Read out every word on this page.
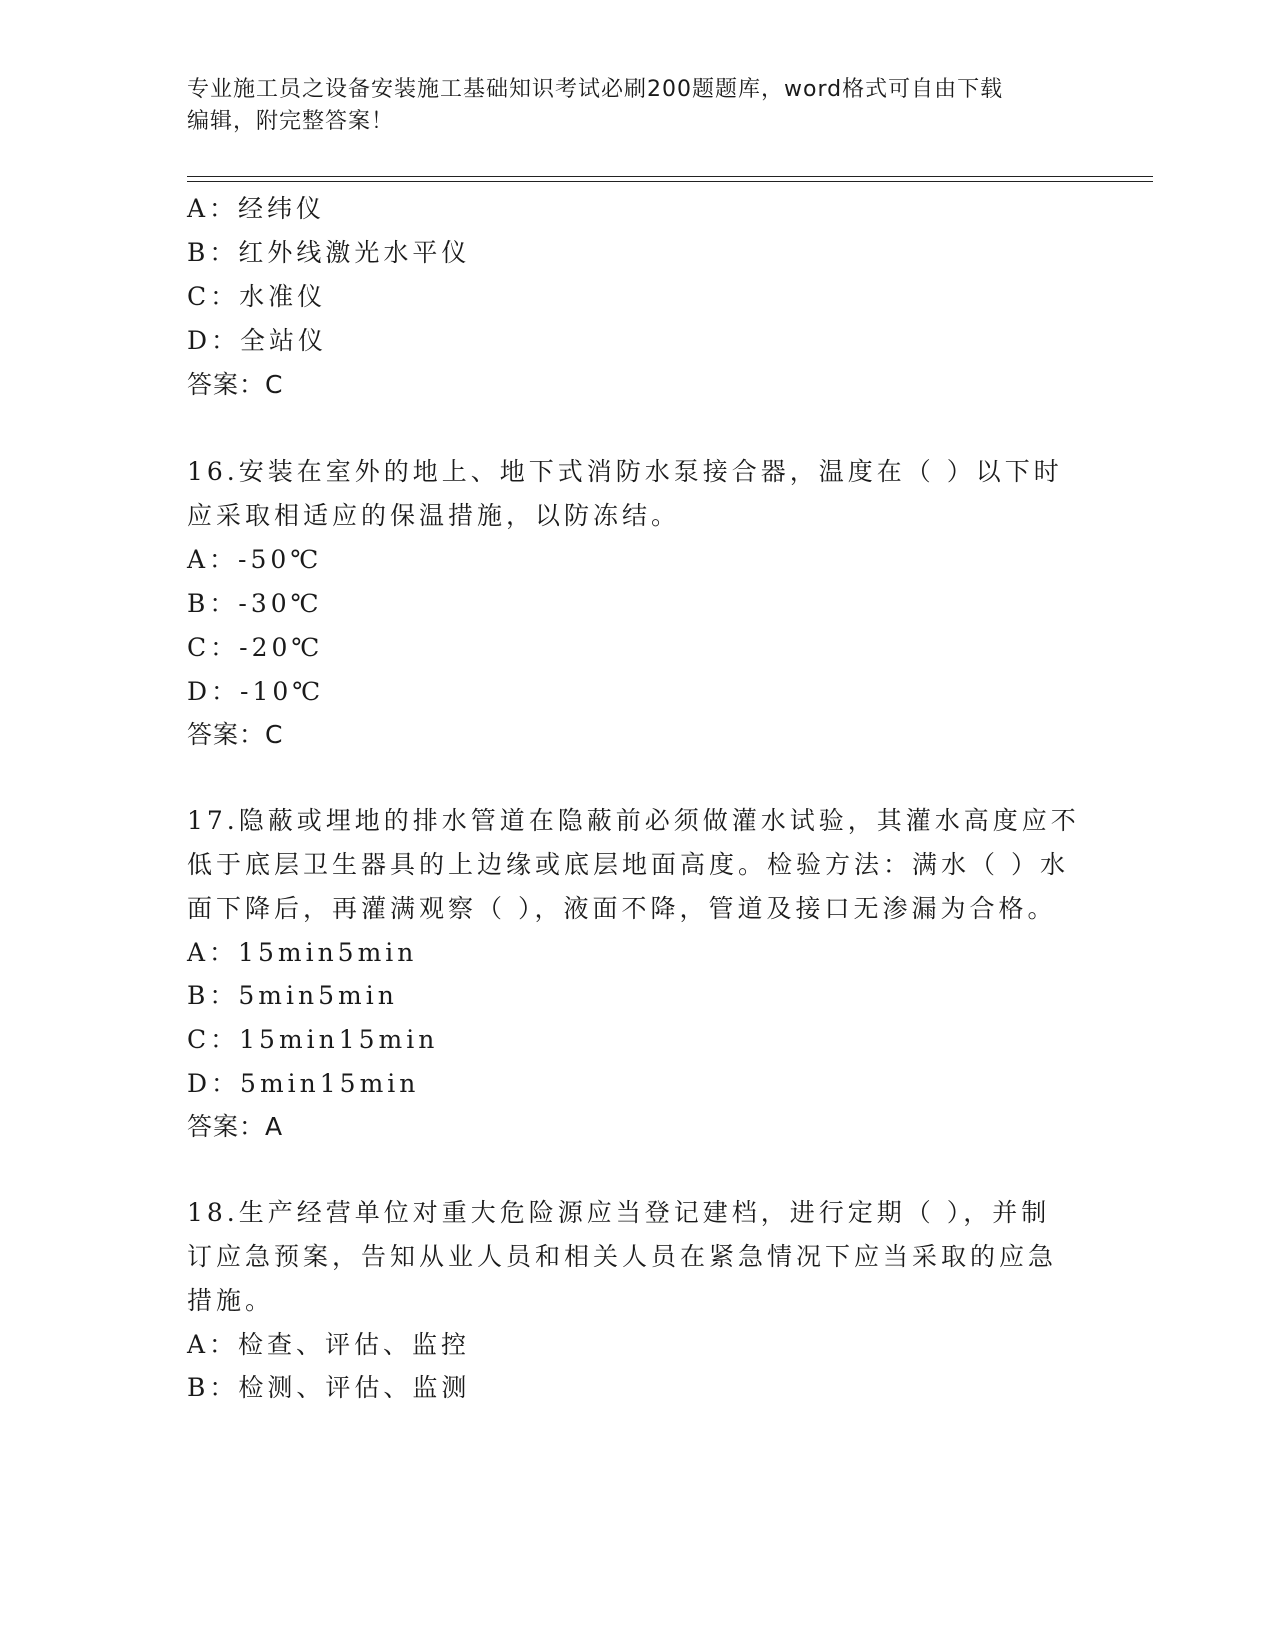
专业施工员之设备安装施工基础知识考试必刷200题题库，word格式可自由下载
编辑，附完整答案！
A：经纬仪
B：红外线激光水平仪
C：水准仪
D：全站仪
答案：C
16.安装在室外的地上、地下式消防水泵接合器，温度在（ ）以下时
应采取相适应的保温措施，以防冻结。
A：-50℃
B：-30℃
C：-20℃
D：-10℃
答案：C
17.隐蔽或埋地的排水管道在隐蔽前必须做灌水试验，其灌水高度应不
低于底层卫生器具的上边缘或底层地面高度。检验方法：满水（ ）水
面下降后，再灌满观察（ ），液面不降，管道及接口无渗漏为合格。
A：15min5min
B：5min5min
C：15min15min
D：5min15min
答案：A
18.生产经营单位对重大危险源应当登记建档，进行定期（ ），并制
订应急预案，告知从业人员和相关人员在紧急情况下应当采取的应急
措施。
A：检查、评估、监控
B：检测、评估、监测
